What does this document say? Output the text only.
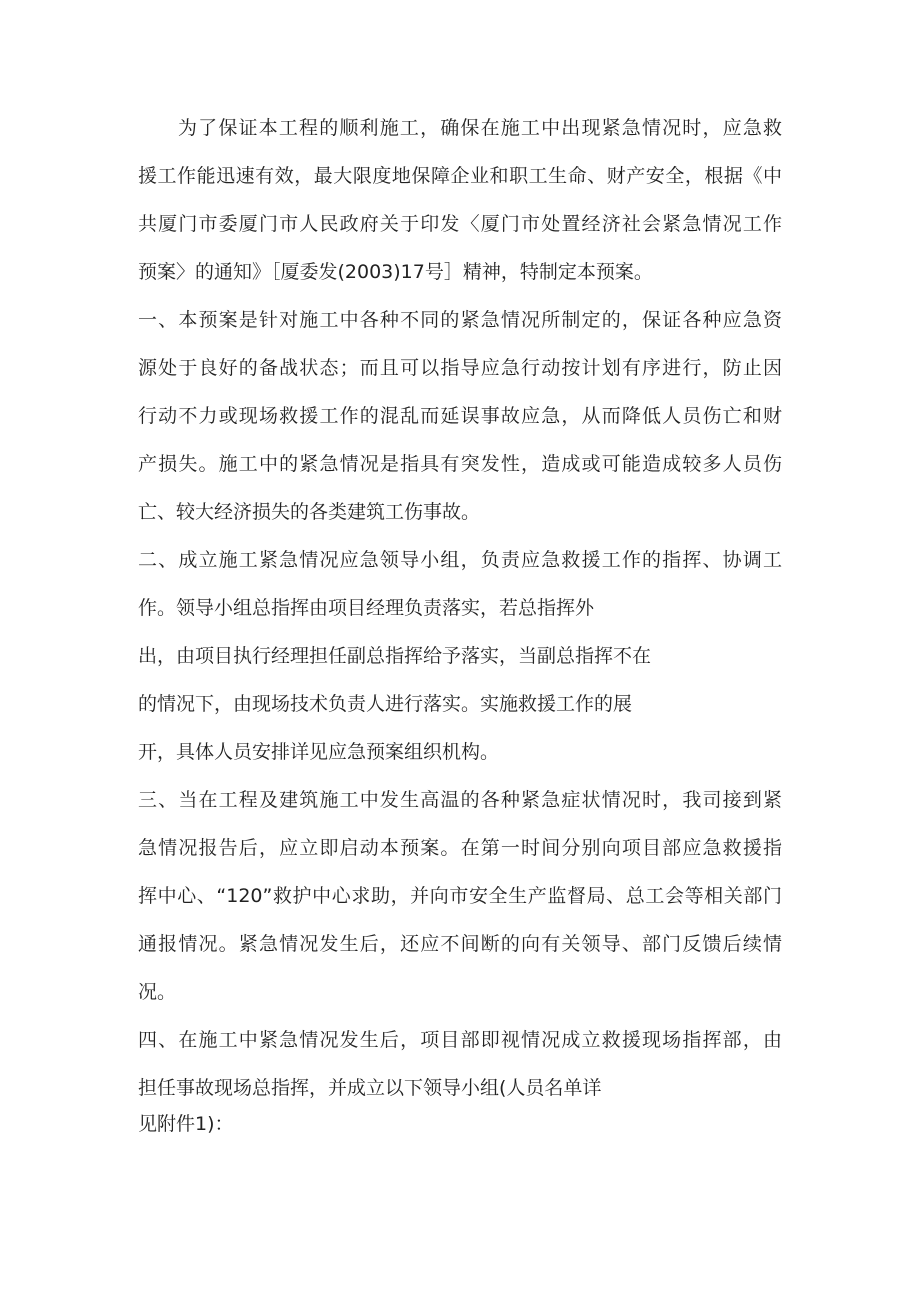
为了保证本工程的顺利施工，确保在施工中出现紧急情况时，应急救
援工作能迅速有效，最大限度地保障企业和职工生命、财产安全，根据《中
共厦门市委厦门市人民政府关于印发〈厦门市处置经济社会紧急情况工作
预案〉的通知》［厦委发(2003)17号］精神，特制定本预案。
一、本预案是针对施工中各种不同的紧急情况所制定的，保证各种应急资
源处于良好的备战状态；而且可以指导应急行动按计划有序进行，防止因
行动不力或现场救援工作的混乱而延误事故应急，从而降低人员伤亡和财
产损失。施工中的紧急情况是指具有突发性，造成或可能造成较多人员伤
亡、较大经济损失的各类建筑工伤事故。
二、成立施工紧急情况应急领导小组，负责应急救援工作的指挥、协调工
作。领导小组总指挥由项目经理负责落实，若总指挥外
出，由项目执行经理担任副总指挥给予落实，当副总指挥不在
的情况下，由现场技术负责人进行落实。实施救援工作的展
开，具体人员安排详见应急预案组织机构。
三、当在工程及建筑施工中发生高温的各种紧急症状情况时，我司接到紧
急情况报告后，应立即启动本预案。在第一时间分别向项目部应急救援指
挥中心、“120”救护中心求助，并向市安全生产监督局、总工会等相关部门
通报情况。紧急情况发生后，还应不间断的向有关领导、部门反馈后续情
况。
四、在施工中紧急情况发生后，项目部即视情况成立救援现场指挥部，由
担任事故现场总指挥，并成立以下领导小组(人员名单详
见附件1)：
